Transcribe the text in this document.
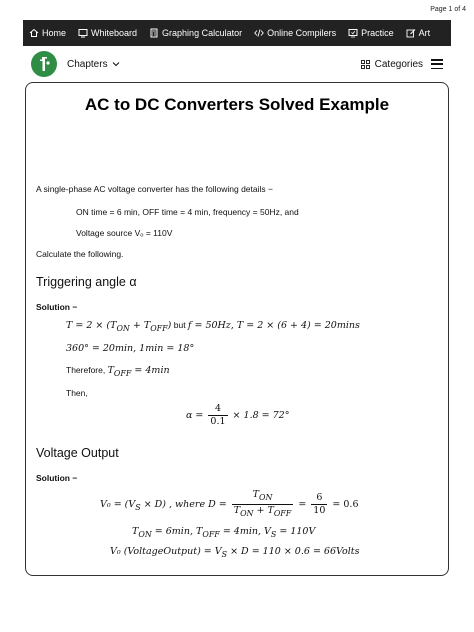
Page 1 of 4
Home	Whiteboard	Graphing Calculator	Online Compilers	Practice	Art
Chapters	Categories
AC to DC Converters Solved Example
A single-phase AC voltage converter has the following details −
ON time = 6 min, OFF time = 4 min, frequency = 50Hz, and
Voltage source Vₒ = 110V
Calculate the following.
Triggering angle α
Solution −
$T = 2 \times (T_{ON} + T_{OFF})$ but f = 50Hz, T = 2 × (6 + 4) = 20mins
360° = 20min, 1min = 18°
Therefore, $T_{OFF} = 4\min$
Then,
$\alpha = \frac{4}{0.1} \times 1.8 = 72^\circ$
Voltage Output
Solution −
$V_0 = (V_S \times D)$ , where $D = \frac{T_{ON}}{T_{ON} + T_{OFF}} = \frac{6}{10} = 0.6$
$T_{ON} = 6\min$, $T_{OFF} = 4\min$, $V_S = 110V$
V₀ (VoltageOutput) = $V_S \times D = 110 \times 0.6$ = 66Volts
